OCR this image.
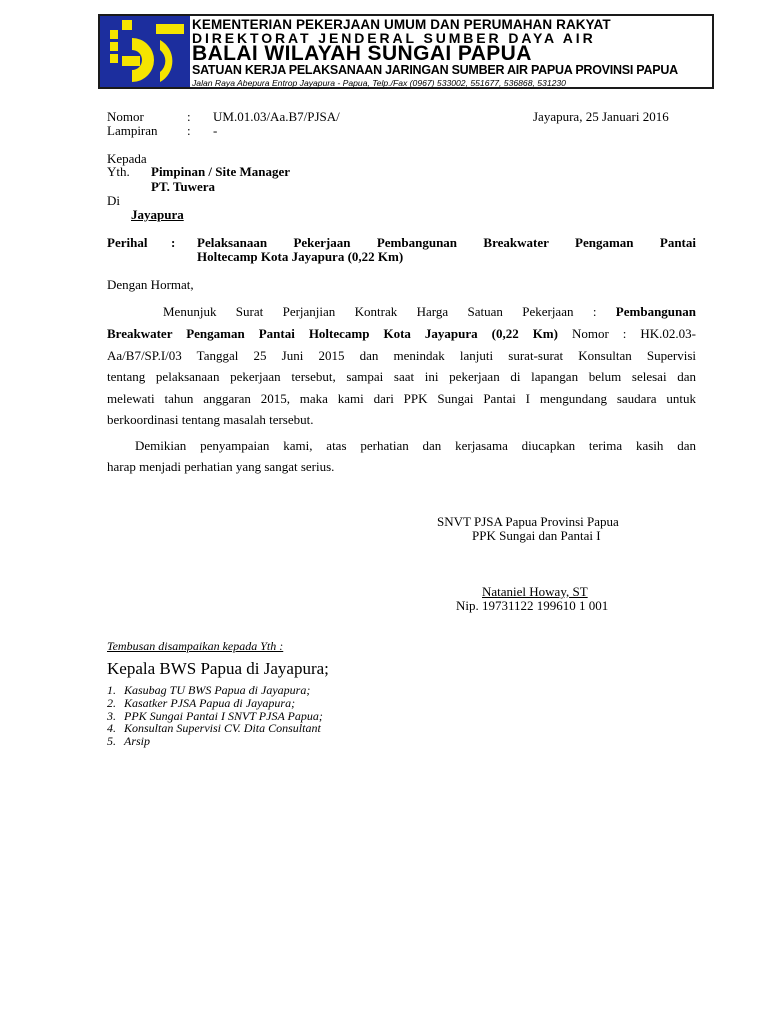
KEMENTERIAN PEKERJAAN UMUM DAN PERUMAHAN RAKYAT
DIREKTORAT JENDERAL SUMBER DAYA AIR
BALAI WILAYAH SUNGAI PAPUA
SATUAN KERJA PELAKSANAAN JARINGAN SUMBER AIR PAPUA PROVINSI PAPUA
Jalan Raya Abepura Entrop Jayapura - Papua, Telp./Fax (0967) 533002, 551677, 536868, 531230
Nomor	: UM.01.03/Aa.B7/PJSA/	Jayapura, 25 Januari 2016
Lampiran : -
Kepada
Yth. Pimpinan / Site Manager
PT. Tuwera
Di
Jayapura
Perihal : Pelaksanaan Pekerjaan Pembangunan Breakwater Pengaman Pantai
Holtecamp Kota Jayapura (0,22 Km)
Dengan Hormat,
Menunjuk Surat Perjanjian Kontrak Harga Satuan Pekerjaan : Pembangunan
Breakwater Pengaman Pantai Holtecamp Kota Jayapura (0,22 Km) Nomor : HK.02.03-
Aa/B7/SP.I/03 Tanggal 25 Juni 2015 dan menindak lanjuti surat-surat Konsultan Supervisi
tentang pelaksanaan pekerjaan tersebut, sampai saat ini pekerjaan di lapangan belum selesai dan
melewati tahun anggaran 2015, maka kami dari PPK Sungai Pantai I mengundang saudara untuk
berkoordinasi tentang masalah tersebut.
Demikian penyampaian kami, atas perhatian dan kerjasama diucapkan terima kasih dan
harap menjadi perhatian yang sangat serius.
SNVT PJSA Papua Provinsi Papua
PPK Sungai dan Pantai I
Nataniel Howay, ST
Nip. 19731122 199610 1 001
Tembusan disampaikan kepada Yth :
Kepala BWS Papua di Jayapura;
1. Kasubag TU BWS Papua di Jayapura;
2. Kasatker PJSA Papua di Jayapura;
3. PPK Sungai Pantai I SNVT PJSA Papua;
4. Konsultan Supervisi CV. Dita Consultant
5. Arsip
